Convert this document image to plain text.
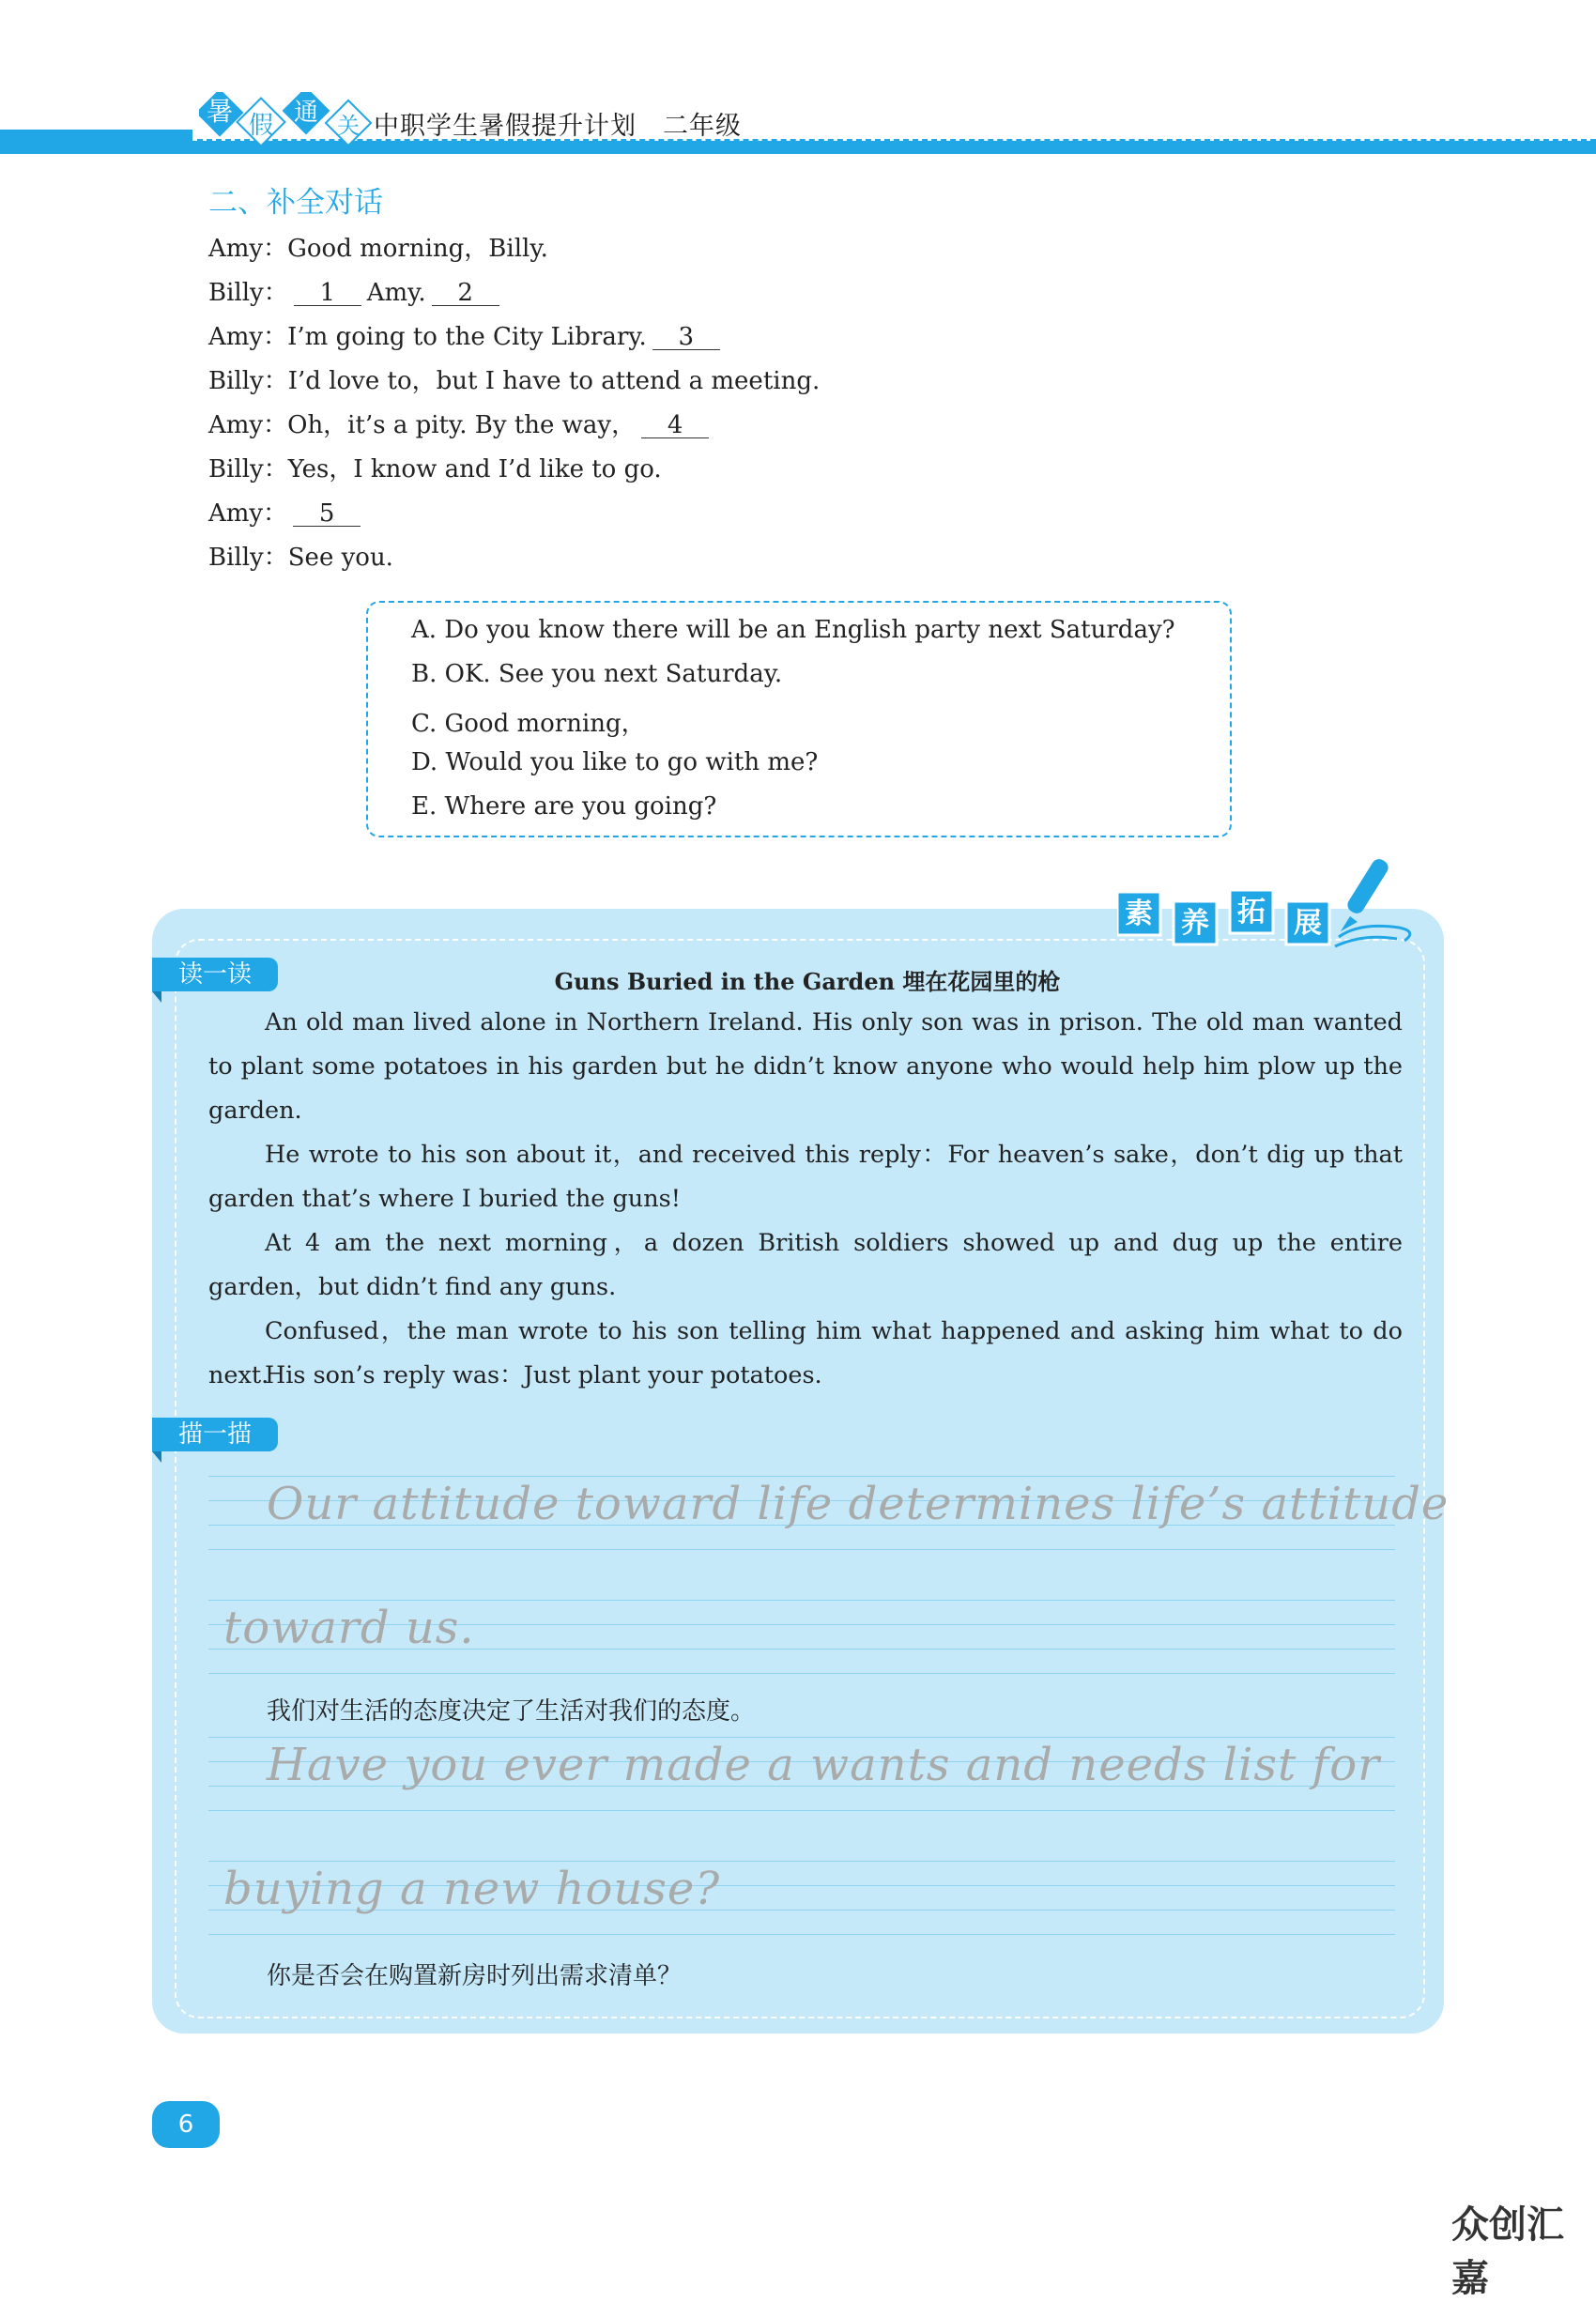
暑 假 通 关 中职学生暑假提升计划　二年级
二、补全对话
Amy：Good morning，Billy.
Billy： 1 Amy. 2
Amy：I’m going to the City Library. 3
Billy：I’d love to，but I have to attend a meeting.
Amy：Oh，it’s a pity. By the way， 4
Billy：Yes，I know and I’d like to go.
Amy： 5
Billy：See you.
A. Do you know there will be an English party next Saturday?
B. OK. See you next Saturday.
C. Good morning，
D. Would you like to go with me?
E. Where are you going?
素 养 拓 展
读一读	Guns Buried in the Garden 埋在花园里的枪
An old man lived alone in Northern Ireland. His only son was in prison. The old man wanted to plant some potatoes in his garden but he didn’t know anyone who would help him plow up the garden.
He wrote to his son about it，and received this reply：For heaven’s sake，don’t dig up that garden that’s where I buried the guns!
At 4 am the next morning，a dozen British soldiers showed up and dug up the entire garden，but didn’t find any guns.
Confused，the man wrote to his son telling him what happened and asking him what to do next.
His son’s reply was：Just plant your potatoes.
描一描
Our attitude toward life determines life’s attitude
toward us.
我们对生活的态度决定了生活对我们的态度。
Have you ever made a wants and needs list for
buying a new house?
你是否会在购置新房时列出需求清单？
6
众创汇嘉
